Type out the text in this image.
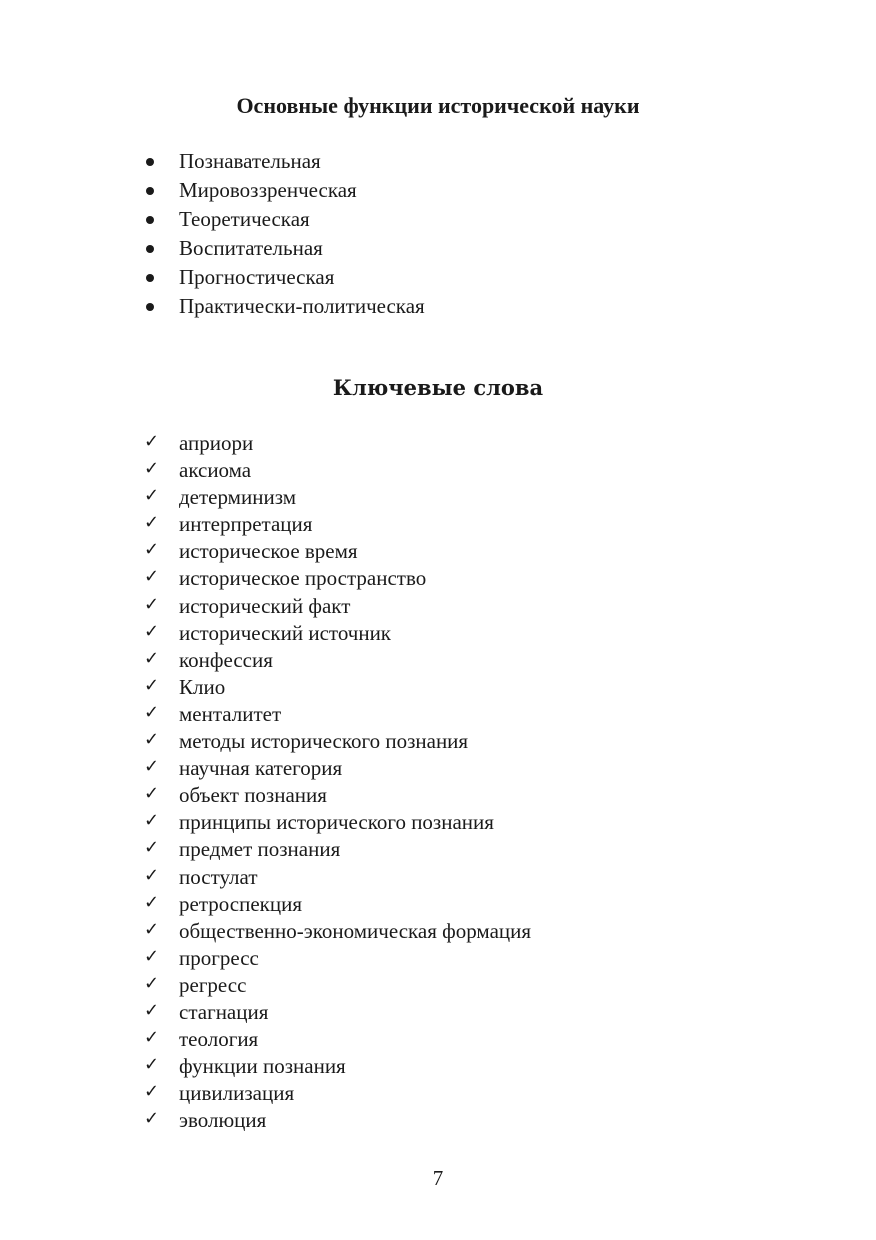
Основные функции исторической науки
Познавательная
Мировоззренческая
Теоретическая
Воспитательная
Прогностическая
Практически-политическая
Ключевые слова
✓ априори
✓ аксиома
✓ детерминизм
✓ интерпретация
✓ историческое время
✓ историческое пространство
✓ исторический факт
✓ исторический источник
✓ конфессия
✓ Клио
✓ менталитет
✓ методы исторического познания
✓ научная категория
✓ объект познания
✓ принципы исторического познания
✓ предмет познания
✓ постулат
✓ ретроспекция
✓ общественно-экономическая формация
✓ прогресс
✓ регресс
✓ стагнация
✓ теология
✓ функции познания
✓ цивилизация
✓ эволюция
7
